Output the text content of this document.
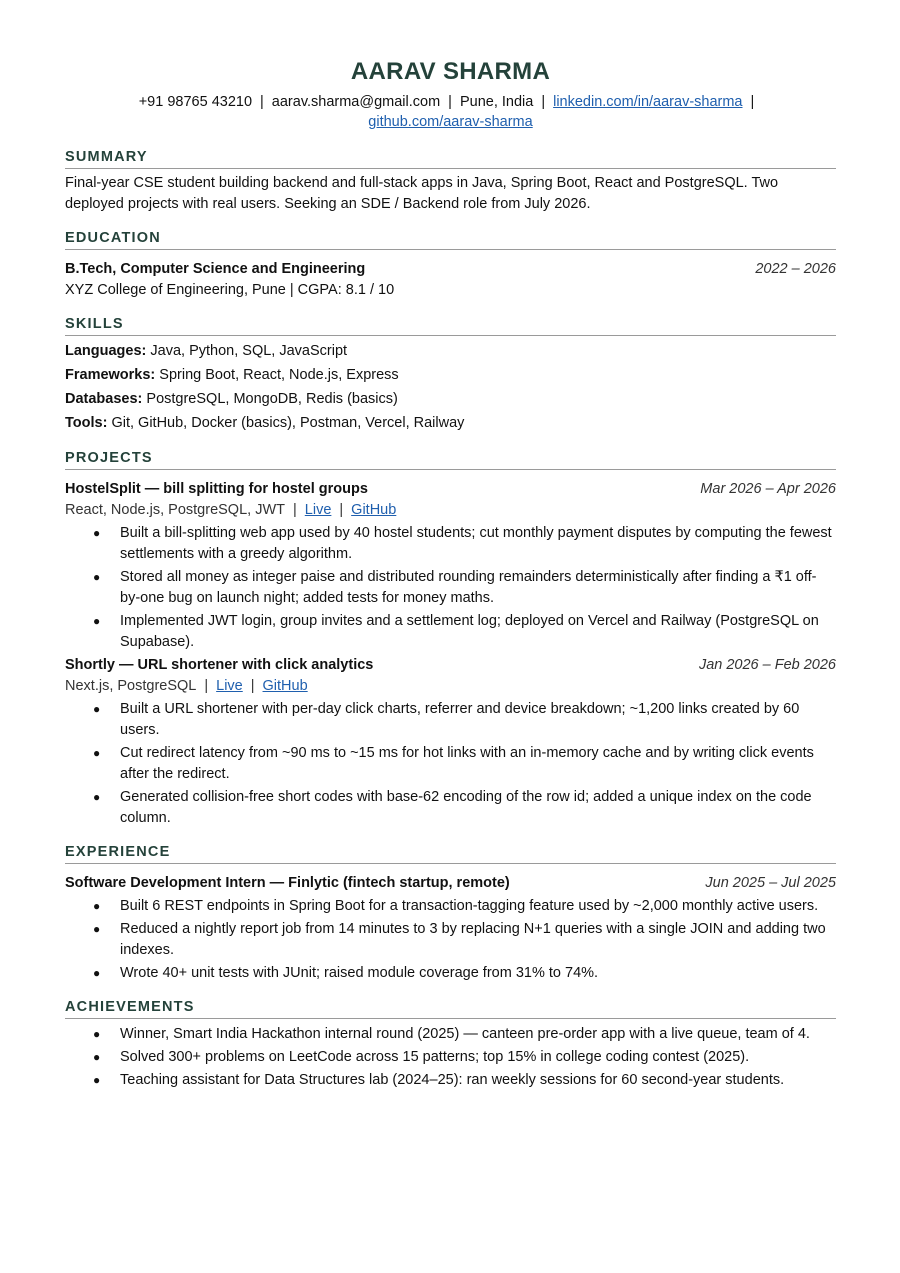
AARAV SHARMA
+91 98765 43210 | aarav.sharma@gmail.com | Pune, India | linkedin.com/in/aarav-sharma |
github.com/aarav-sharma
SUMMARY
Final-year CSE student building backend and full-stack apps in Java, Spring Boot, React and PostgreSQL. Two deployed projects with real users. Seeking an SDE / Backend role from July 2026.
EDUCATION
B.Tech, Computer Science and Engineering	2022 – 2026
XYZ College of Engineering, Pune | CGPA: 8.1 / 10
SKILLS
Languages: Java, Python, SQL, JavaScript
Frameworks: Spring Boot, React, Node.js, Express
Databases: PostgreSQL, MongoDB, Redis (basics)
Tools: Git, GitHub, Docker (basics), Postman, Vercel, Railway
PROJECTS
HostelSplit — bill splitting for hostel groups	Mar 2026 – Apr 2026
React, Node.js, PostgreSQL, JWT | Live | GitHub
● Built a bill-splitting web app used by 40 hostel students; cut monthly payment disputes by computing the fewest settlements with a greedy algorithm.
● Stored all money as integer paise and distributed rounding remainders deterministically after finding a ₹1 off-by-one bug on launch night; added tests for money maths.
● Implemented JWT login, group invites and a settlement log; deployed on Vercel and Railway (PostgreSQL on Supabase).
Shortly — URL shortener with click analytics	Jan 2026 – Feb 2026
Next.js, PostgreSQL | Live | GitHub
● Built a URL shortener with per-day click charts, referrer and device breakdown; ~1,200 links created by 60 users.
● Cut redirect latency from ~90 ms to ~15 ms for hot links with an in-memory cache and by writing click events after the redirect.
● Generated collision-free short codes with base-62 encoding of the row id; added a unique index on the code column.
EXPERIENCE
Software Development Intern — Finlytic (fintech startup, remote)	Jun 2025 – Jul 2025
● Built 6 REST endpoints in Spring Boot for a transaction-tagging feature used by ~2,000 monthly active users.
● Reduced a nightly report job from 14 minutes to 3 by replacing N+1 queries with a single JOIN and adding two indexes.
● Wrote 40+ unit tests with JUnit; raised module coverage from 31% to 74%.
ACHIEVEMENTS
● Winner, Smart India Hackathon internal round (2025) — canteen pre-order app with a live queue, team of 4.
● Solved 300+ problems on LeetCode across 15 patterns; top 15% in college coding contest (2025).
● Teaching assistant for Data Structures lab (2024–25): ran weekly sessions for 60 second-year students.
